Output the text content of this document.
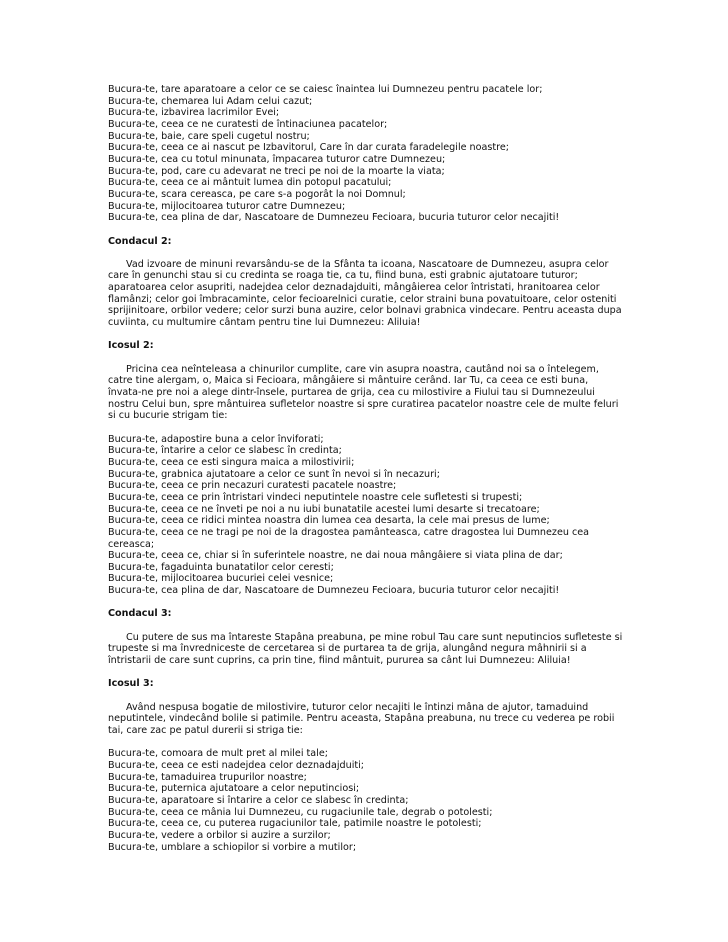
Bucura-te, tare aparatoare a celor ce se caiesc înaintea lui Dumnezeu pentru pacatele lor;
Bucura-te, chemarea lui Adam celui cazut;
Bucura-te, izbavirea lacrimilor Evei;
Bucura-te, ceea ce ne curatesti de întinaciunea pacatelor;
Bucura-te, baie, care speli cugetul nostru;
Bucura-te, ceea ce ai nascut pe Izbavitorul, Care în dar curata faradelegile noastre;
Bucura-te, cea cu totul minunata, împacarea tuturor catre Dumnezeu;
Bucura-te, pod, care cu adevarat ne treci pe noi de la moarte la viata;
Bucura-te, ceea ce ai mântuit lumea din potopul pacatului;
Bucura-te, scara cereasca, pe care s-a pogorât la noi Domnul;
Bucura-te, mijlocitoarea tuturor catre Dumnezeu;
Bucura-te, cea plina de dar, Nascatoare de Dumnezeu Fecioara, bucuria tuturor celor necajiti!
Condacul 2:
Vad izvoare de minuni revarsându-se de la Sfânta ta icoana, Nascatoare de Dumnezeu, asupra celor
care în genunchi stau si cu credinta se roaga tie, ca tu, fiind buna, esti grabnic ajutatoare tuturor;
aparatoarea celor asupriti, nadejdea celor deznadajduiti, mângâierea celor întristati, hranitoarea celor
flamânzi; celor goi îmbracaminte, celor fecioarelnici curatie, celor straini buna povatuitoare, celor osteniti
sprijinitoare, orbilor vedere; celor surzi buna auzire, celor bolnavi grabnica vindecare. Pentru aceasta dupa
cuviinta, cu multumire cântam pentru tine lui Dumnezeu: Aliluia!
Icosul 2:
Pricina cea neînteleasa a chinurilor cumplite, care vin asupra noastra, cautând noi sa o întelegem,
catre tine alergam, o, Maica si Fecioara, mângâiere si mântuire cerând. Iar Tu, ca ceea ce esti buna,
învata-ne pre noi a alege dintr-însele, purtarea de grija, cea cu milostivire a Fiului tau si Dumnezeului
nostru Celui bun, spre mântuirea sufletelor noastre si spre curatirea pacatelor noastre cele de multe feluri
si cu bucurie strigam tie:
Bucura-te, adapostire buna a celor înviforati;
Bucura-te, întarire a celor ce slabesc în credinta;
Bucura-te, ceea ce esti singura maica a milostivirii;
Bucura-te, grabnica ajutatoare a celor ce sunt în nevoi si în necazuri;
Bucura-te, ceea ce prin necazuri curatesti pacatele noastre;
Bucura-te, ceea ce prin întristari vindeci neputintele noastre cele sufletesti si trupesti;
Bucura-te, ceea ce ne înveti pe noi a nu iubi bunatatile acestei lumi desarte si trecatoare;
Bucura-te, ceea ce ridici mintea noastra din lumea cea desarta, la cele mai presus de lume;
Bucura-te, ceea ce ne tragi pe noi de la dragostea pamânteasca, catre dragostea lui Dumnezeu cea
cereasca;
Bucura-te, ceea ce, chiar si în suferintele noastre, ne dai noua mângâiere si viata plina de dar;
Bucura-te, fagaduinta bunatatilor celor ceresti;
Bucura-te, mijlocitoarea bucuriei celei vesnice;
Bucura-te, cea plina de dar, Nascatoare de Dumnezeu Fecioara, bucuria tuturor celor necajiti!
Condacul 3:
Cu putere de sus ma întareste Stapâna preabuna, pe mine robul Tau care sunt neputincios sufleteste si
trupeste si ma învredniceste de cercetarea si de purtarea ta de grija, alungând negura mâhnirii si a
întristarii de care sunt cuprins, ca prin tine, fiind mântuit, pururea sa cânt lui Dumnezeu: Aliluia!
Icosul 3:
Având nespusa bogatie de milostivire, tuturor celor necajiti le întinzi mâna de ajutor, tamaduind
neputintele, vindecând bolile si patimile. Pentru aceasta, Stapâna preabuna, nu trece cu vederea pe robii
tai, care zac pe patul durerii si striga tie:
Bucura-te, comoara de mult pret al milei tale;
Bucura-te, ceea ce esti nadejdea celor deznadajduiti;
Bucura-te, tamaduirea trupurilor noastre;
Bucura-te, puternica ajutatoare a celor neputinciosi;
Bucura-te, aparatoare si întarire a celor ce slabesc în credinta;
Bucura-te, ceea ce mânia lui Dumnezeu, cu rugaciunile tale, degrab o potolesti;
Bucura-te, ceea ce, cu puterea rugaciunilor tale, patimile noastre le potolesti;
Bucura-te, vedere a orbilor si auzire a surzilor;
Bucura-te, umblare a schiopilor si vorbire a mutilor;
